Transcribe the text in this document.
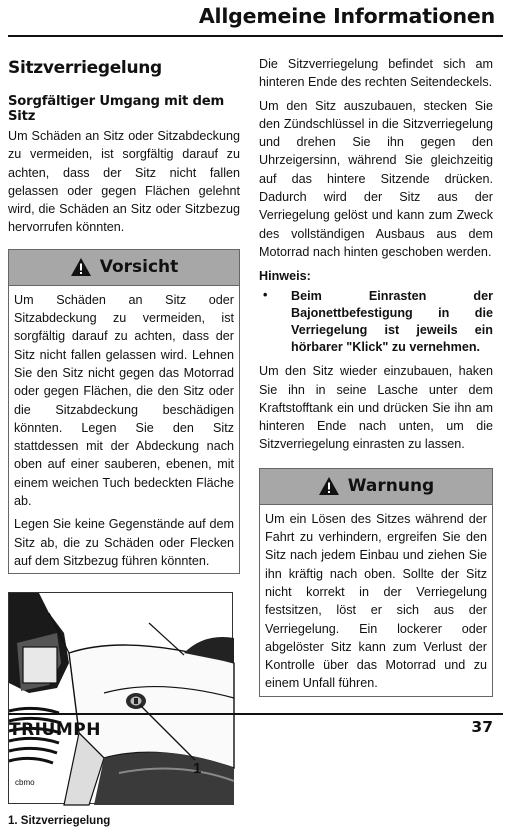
Allgemeine Informationen
Sitzverriegelung
Sorgfältiger Umgang mit dem Sitz
Um Schäden an Sitz oder Sitzabdeckung zu vermeiden, ist sorgfältig darauf zu achten, dass der Sitz nicht fallen gelassen oder gegen Flächen gelehnt wird, die Schäden an Sitz oder Sitzbezug hervorrufen könnten.
Vorsicht
Um Schäden an Sitz oder Sitzabdeckung zu vermeiden, ist sorgfältig darauf zu achten, dass der Sitz nicht fallen gelassen wird. Lehnen Sie den Sitz nicht gegen das Motorrad oder gegen Flächen, die den Sitz oder die Sitzabdeckung beschädigen könnten. Legen Sie den Sitz stattdessen mit der Abdeckung nach oben auf einer sauberen, ebenen, mit einem weichen Tuch bedeckten Fläche ab.
Legen Sie keine Gegenstände auf dem Sitz ab, die zu Schäden oder Flecken auf dem Sitzbezug führen könnten.
1
cbmo
1. Sitzverriegelung
Die Sitzverriegelung befindet sich am hinteren Ende des rechten Seitendeckels.
Um den Sitz auszubauen, stecken Sie den Zündschlüssel in die Sitzverriegelung und drehen Sie ihn gegen den Uhrzeigersinn, während Sie gleichzeitig auf das hintere Sitzende drücken. Dadurch wird der Sitz aus der Verriegelung gelöst und kann zum Zweck des vollständigen Ausbaus aus dem Motorrad nach hinten geschoben werden.
Hinweis:
•	Beim Einrasten der Bajonettbefestigung in die Verriegelung ist jeweils ein hörbarer "Klick" zu vernehmen.
Um den Sitz wieder einzubauen, haken Sie ihn in seine Lasche unter dem Kraftstofftank ein und drücken Sie ihn am hinteren Ende nach unten, um die Sitzverriegelung einrasten zu lassen.
Warnung
Um ein Lösen des Sitzes während der Fahrt zu verhindern, ergreifen Sie den Sitz nach jedem Einbau und ziehen Sie ihn kräftig nach oben. Sollte der Sitz nicht korrekt in der Verriegelung festsitzen, löst er sich aus der Verriegelung. Ein lockerer oder abgelöster Sitz kann zum Verlust der Kontrolle über das Motorrad und zu einem Unfall führen.
TRIUMPH	37
